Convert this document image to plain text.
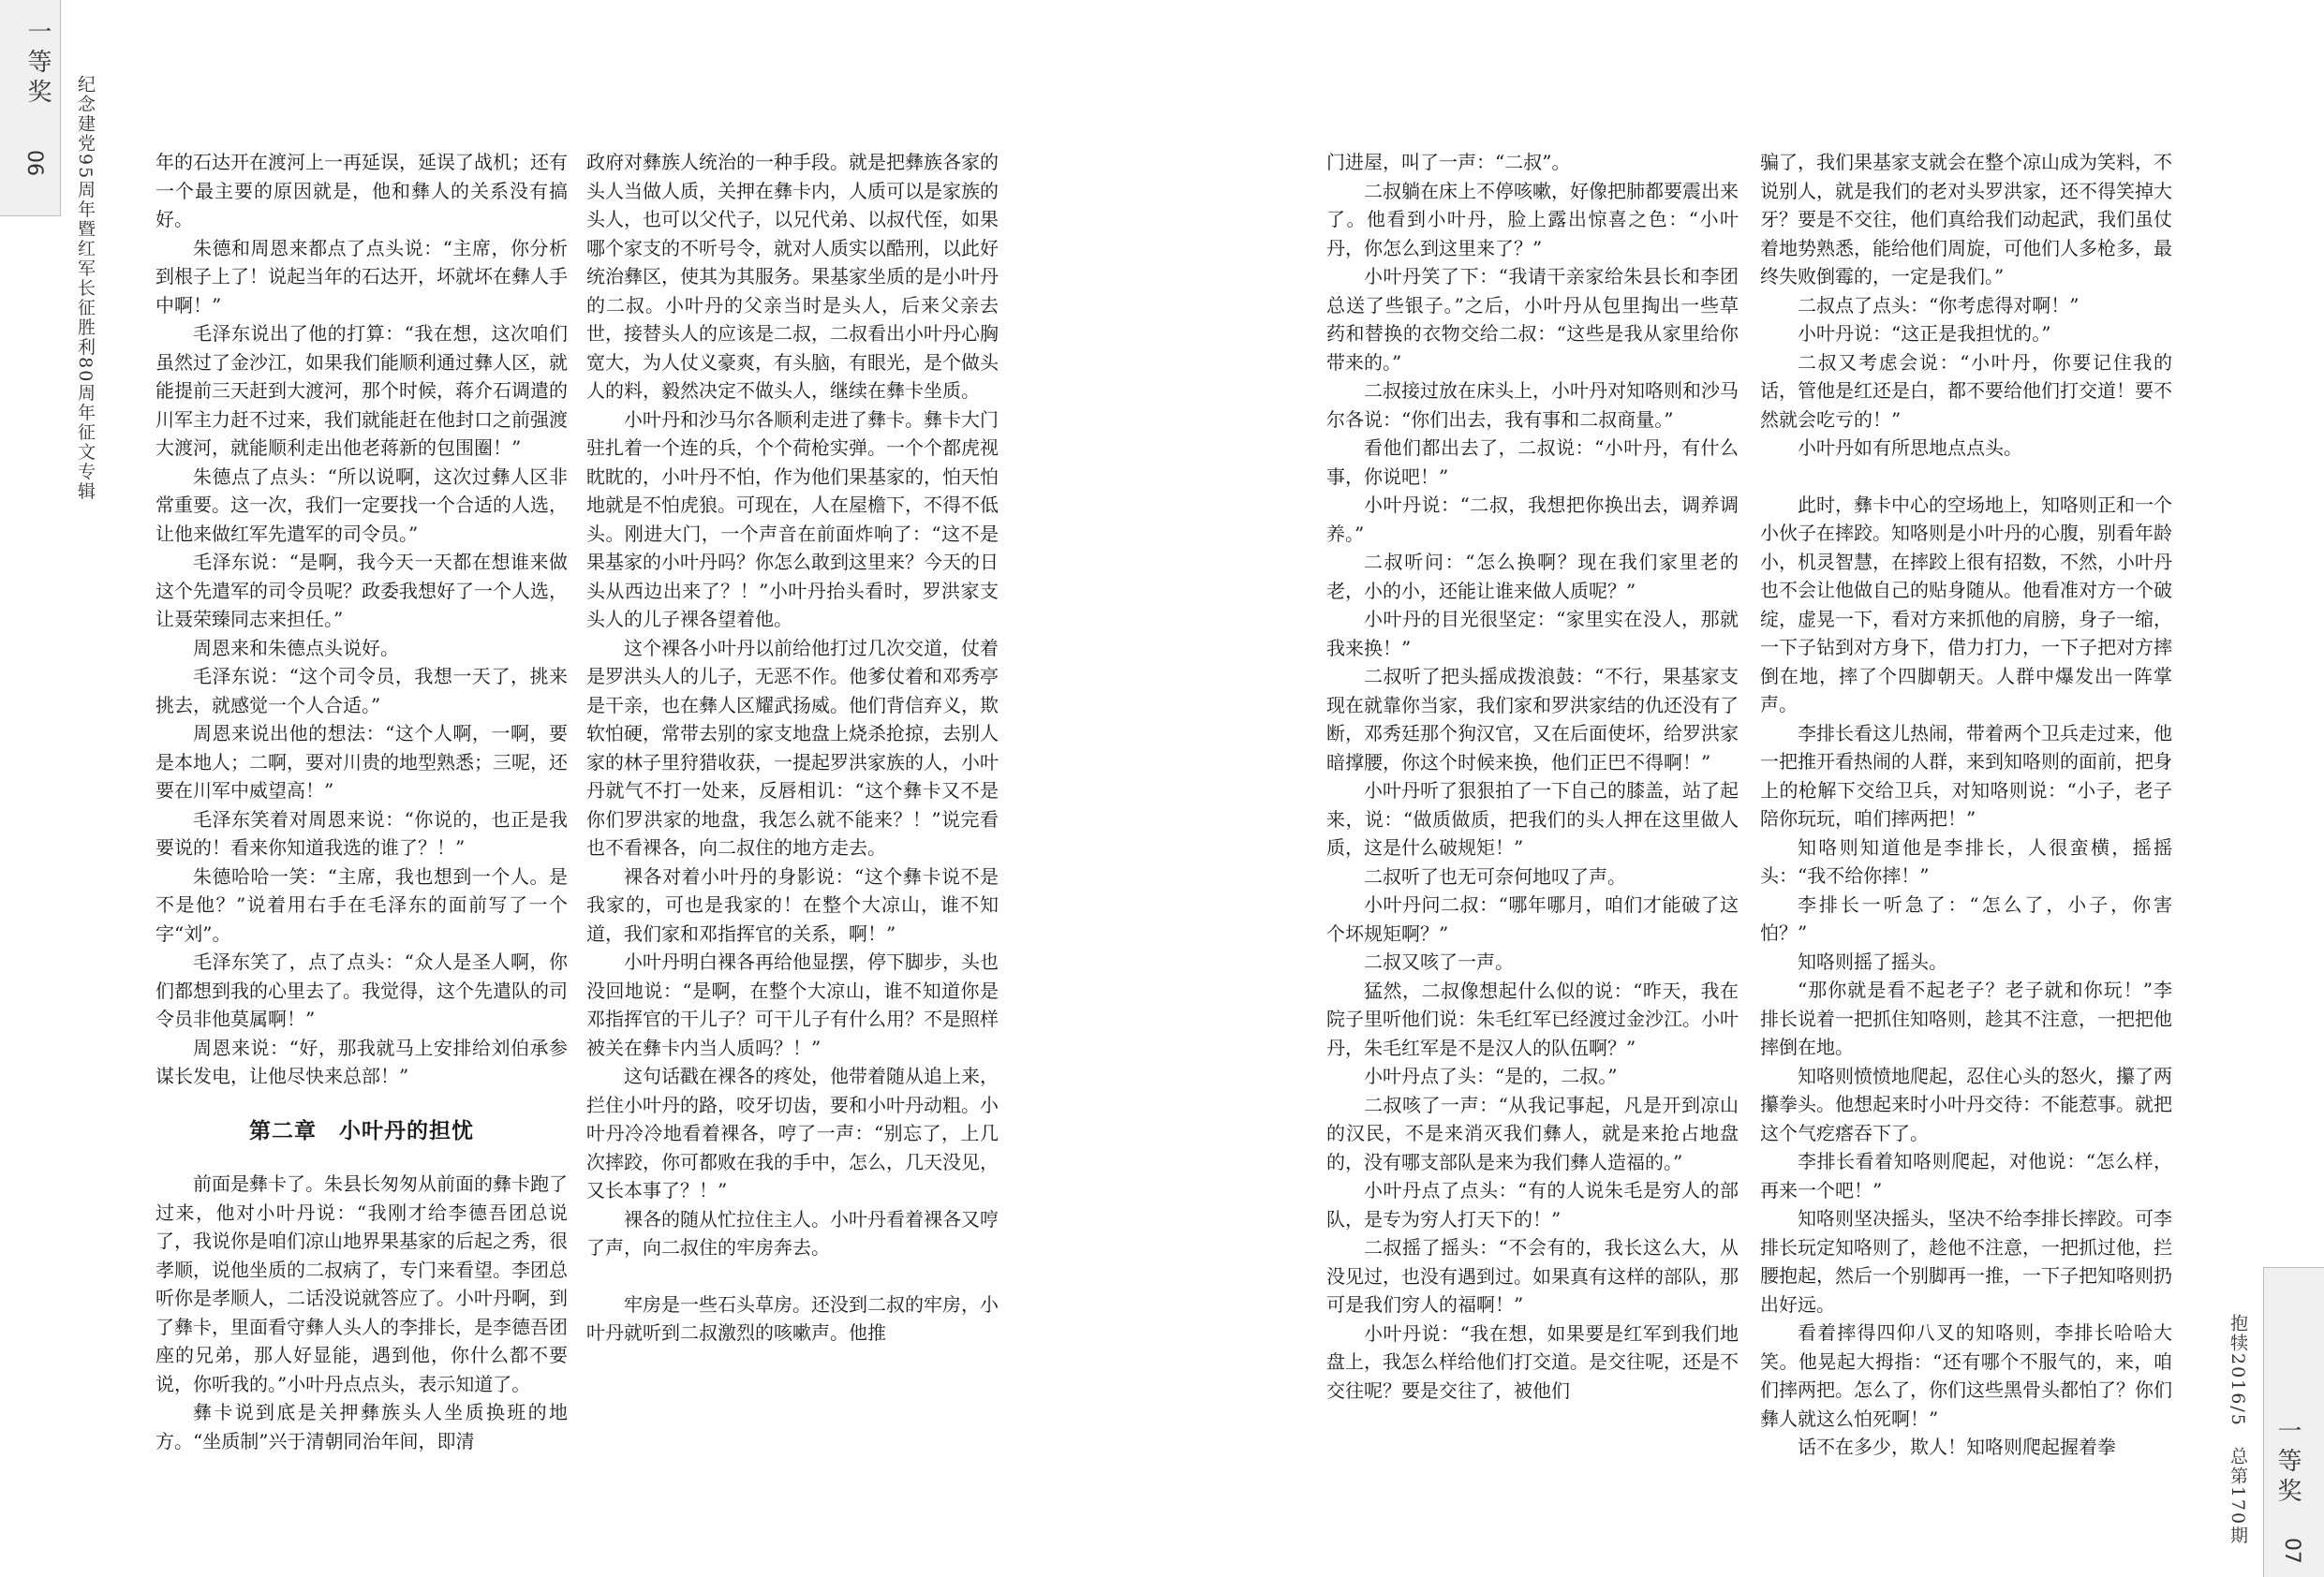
一等奖
06 纪念建党95周年暨红军长征胜利80周年征文专辑	年的石达开在渡河上一再延误，延误了战机；还有一个最主要的原因就是，他和彝人的关系没有搞好。

朱德和周恩来都点了点头说：“主席，你分析到根子上了！说起当年的石达开，坏就坏在彝人手中啊！”

毛泽东说出了他的打算：“我在想，这次咱们虽然过了金沙江，如果我们能顺利通过彝人区，就能提前三天赶到大渡河，那个时候，蒋介石调遣的川军主力赶不过来，我们就能赶在他封口之前强渡大渡河，就能顺利走出他老蒋新的包围圈！”

朱德点了点头：“所以说啊，这次过彝人区非常重要。这一次，我们一定要找一个合适的人选，让他来做红军先遣军的司令员。”

毛泽东说：“是啊，我今天一天都在想谁来做这个先遣军的司令员呢？政委我想好了一个人选，让聂荣臻同志来担任。”

周恩来和朱德点头说好。

毛泽东说：“这个司令员，我想一天了，挑来挑去，就感觉一个人合适。”

周恩来说出他的想法：“这个人啊，一啊，要是本地人；二啊，要对川贵的地型熟悉；三呢，还要在川军中威望高！”

毛泽东笑着对周恩来说：“你说的，也正是我要说的！看来你知道我选的谁了？！”

朱德哈哈一笑：“主席，我也想到一个人。是不是他？”说着用右手在毛泽东的面前写了一个字“刘”。

毛泽东笑了，点了点头：“众人是圣人啊，你们都想到我的心里去了。我觉得，这个先遣队的司令员非他莫属啊！”

周恩来说：“好，那我就马上安排给刘伯承参谋长发电，让他尽快来总部！”

第二章　小叶丹的担忧

前面是彝卡了。朱县长匆匆从前面的彝卡跑了过来，他对小叶丹说：“我刚才给李德吾团总说了，我说你是咱们凉山地界果基家的后起之秀，很孝顺，说他坐质的二叔病了，专门来看望。李团总听你是孝顺人，二话没说就答应了。小叶丹啊，到了彝卡，里面看守彝人头人的李排长，是李德吾团座的兄弟，那人好显能，遇到他，你什么都不要说，你听我的。”小叶丹点点头，表示知道了。

彝卡说到底是关押彝族头人坐质换班的地方。“坐质制”兴于清朝同治年间，即清

政府对彝族人统治的一种手段。就是把彝族各家的头人当做人质，关押在彝卡内，人质可以是家族的头人，也可以父代子，以兄代弟、以叔代侄，如果哪个家支的不听号令，就对人质实以酷刑，以此好统治彝区，使其为其服务。果基家坐质的是小叶丹的二叔。小叶丹的父亲当时是头人，后来父亲去世，接替头人的应该是二叔，二叔看出小叶丹心胸宽大，为人仗义豪爽，有头脑，有眼光，是个做头人的料，毅然决定不做头人，继续在彝卡坐质。

小叶丹和沙马尔各顺利走进了彝卡。彝卡大门驻扎着一个连的兵，个个荷枪实弹。一个个都虎视眈眈的，小叶丹不怕，作为他们果基家的，怕天怕地就是不怕虎狼。可现在，人在屋檐下，不得不低头。刚进大门，一个声音在前面炸响了：“这不是果基家的小叶丹吗？你怎么敢到这里来？今天的日头从西边出来了？！”小叶丹抬头看时，罗洪家支头人的儿子裸各望着他。

这个裸各小叶丹以前给他打过几次交道，仗着是罗洪头人的儿子，无恶不作。他爹仗着和邓秀亭是干亲，也在彝人区耀武扬威。他们背信弃义，欺软怕硬，常带去别的家支地盘上烧杀抢掠，去别人家的林子里狩猎收获，一提起罗洪家族的人，小叶丹就气不打一处来，反唇相讥：“这个彝卡又不是你们罗洪家的地盘，我怎么就不能来？！”说完看也不看裸各，向二叔住的地方走去。

裸各对着小叶丹的身影说：“这个彝卡说不是我家的，可也是我家的！在整个大凉山，谁不知道，我们家和邓指挥官的关系，啊！”

小叶丹明白裸各再给他显摆，停下脚步，头也没回地说：“是啊，在整个大凉山，谁不知道你是邓指挥官的干儿子？可干儿子有什么用？不是照样被关在彝卡内当人质吗？！”

这句话戳在裸各的疼处，他带着随从追上来，拦住小叶丹的路，咬牙切齿，要和小叶丹动粗。小叶丹冷冷地看着裸各，哼了一声：“别忘了，上几次摔跤，你可都败在我的手中，怎么，几天没见，又长本事了？！”

裸各的随从忙拉住主人。小叶丹看着裸各又哼了声，向二叔住的牢房奔去。

牢房是一些石头草房。还没到二叔的牢房，小叶丹就听到二叔激烈的咳嗽声。他推

门进屋，叫了一声：“二叔”。

二叔躺在床上不停咳嗽，好像把肺都要震出来了。他看到小叶丹，脸上露出惊喜之色：“小叶丹，你怎么到这里来了？”

小叶丹笑了下：“我请干亲家给朱县长和李团总送了些银子。”之后，小叶丹从包里掏出一些草药和替换的衣物交给二叔：“这些是我从家里给你带来的。”

二叔接过放在床头上，小叶丹对知咯则和沙马尔各说：“你们出去，我有事和二叔商量。”

看他们都出去了，二叔说：“小叶丹，有什么事，你说吧！”

小叶丹说：“二叔，我想把你换出去，调养调养。”

二叔听问：“怎么换啊？现在我们家里老的老，小的小，还能让谁来做人质呢？”

小叶丹的目光很坚定：“家里实在没人，那就我来换！”

二叔听了把头摇成拨浪鼓：“不行，果基家支现在就靠你当家，我们家和罗洪家结的仇还没有了断，邓秀廷那个狗汉官，又在后面使坏，给罗洪家暗撑腰，你这个时候来换，他们正巴不得啊！”

小叶丹听了狠狠拍了一下自己的膝盖，站了起来，说：“做质做质，把我们的头人押在这里做人质，这是什么破规矩！”

二叔听了也无可奈何地叹了声。

小叶丹问二叔：“哪年哪月，咱们才能破了这个坏规矩啊？”

二叔又咳了一声。

猛然，二叔像想起什么似的说：“昨天，我在院子里听他们说：朱毛红军已经渡过金沙江。小叶丹，朱毛红军是不是汉人的队伍啊？”

小叶丹点了头：“是的，二叔。”

二叔咳了一声：“从我记事起，凡是开到凉山的汉民，不是来消灭我们彝人，就是来抢占地盘的，没有哪支部队是来为我们彝人造福的。”

小叶丹点了点头：“有的人说朱毛是穷人的部队，是专为穷人打天下的！”

二叔摇了摇头：“不会有的，我长这么大，从没见过，也没有遇到过。如果真有这样的部队，那可是我们穷人的福啊！”

小叶丹说：“我在想，如果要是红军到我们地盘上，我怎么样给他们打交道。是交往呢，还是不交往呢？要是交往了，被他们

骗了，我们果基家支就会在整个凉山成为笑料，不说别人，就是我们的老对头罗洪家，还不得笑掉大牙？要是不交往，他们真给我们动起武，我们虽仗着地势熟悉，能给他们周旋，可他们人多枪多，最终失败倒霉的，一定是我们。”

二叔点了点头：“你考虑得对啊！”

小叶丹说：“这正是我担忧的。”

二叔又考虑会说：“小叶丹，你要记住我的话，管他是红还是白，都不要给他们打交道！要不然就会吃亏的！”

小叶丹如有所思地点点头。

此时，彝卡中心的空场地上，知咯则正和一个小伙子在摔跤。知咯则是小叶丹的心腹，别看年龄小，机灵智慧，在摔跤上很有招数，不然，小叶丹也不会让他做自己的贴身随从。他看准对方一个破绽，虚晃一下，看对方来抓他的肩膀，身子一缩，一下子钻到对方身下，借力打力，一下子把对方摔倒在地，摔了个四脚朝天。人群中爆发出一阵掌声。

李排长看这儿热闹，带着两个卫兵走过来，他一把推开看热闹的人群，来到知咯则的面前，把身上的枪解下交给卫兵，对知咯则说：“小子，老子陪你玩玩，咱们摔两把！”

知咯则知道他是李排长，人很蛮横，摇摇头：“我不给你摔！”

李排长一听急了：“怎么了，小子，你害怕？”

知咯则摇了摇头。

“那你就是看不起老子？老子就和你玩！”李排长说着一把抓住知咯则，趁其不注意，一把把他摔倒在地。

知咯则愤愤地爬起，忍住心头的怒火，攥了两攥拳头。他想起来时小叶丹交待：不能惹事。就把这个气疙瘩吞下了。

李排长看着知咯则爬起，对他说：“怎么样，再来一个吧！”

知咯则坚决摇头，坚决不给李排长摔跤。可李排长玩定知咯则了，趁他不注意，一把抓过他，拦腰抱起，然后一个别脚再一推，一下子把知咯则扔出好远。

看着摔得四仰八叉的知咯则，李排长哈哈大笑。他晃起大拇指：“还有哪个不服气的，来，咱们摔两把。怎么了，你们这些黑骨头都怕了？你们彝人就这么怕死啊！”

话不在多少，欺人！知咯则爬起握着拳	抱犊2016/5　总第170期 一等奖
07
